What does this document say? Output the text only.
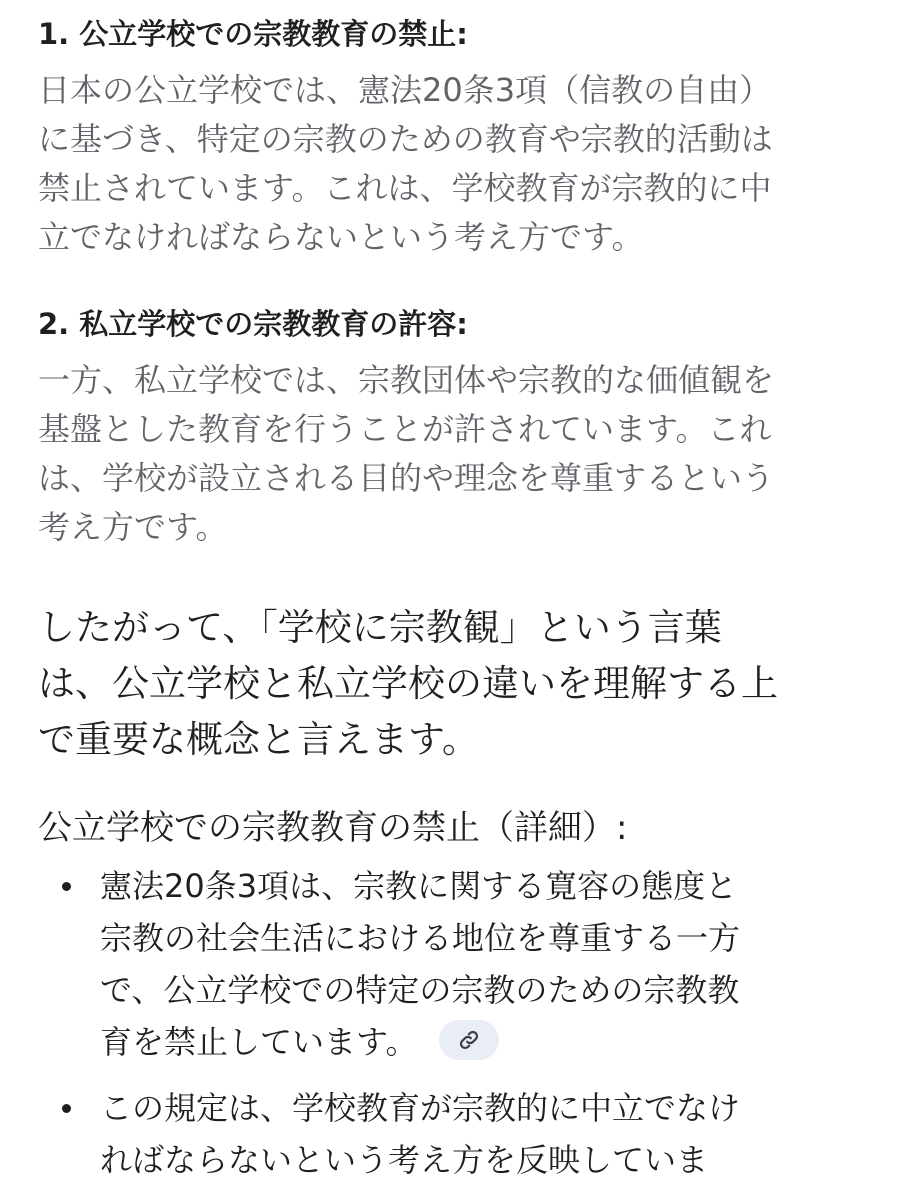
1. 公立学校での宗教教育の禁止:
日本の公立学校では、憲法20条3項（信教の自由）
に基づき、特定の宗教のための教育や宗教的活動は
禁止されています。これは、学校教育が宗教的に中
立でなければならないという考え方です。
2. 私立学校での宗教教育の許容:
一方、私立学校では、宗教団体や宗教的な価値観を
基盤とした教育を行うことが許されています。これ
は、学校が設立される目的や理念を尊重するという
考え方です。
したがって、「学校に宗教観」という言葉
は、公立学校と私立学校の違いを理解する上
で重要な概念と言えます。
公立学校での宗教教育の禁止（詳細）:
憲法20条3項は、宗教に関する寛容の態度と
宗教の社会生活における地位を尊重する一方
で、公立学校での特定の宗教のための宗教教
育を禁止しています。
この規定は、学校教育が宗教的に中立でなけ
ればならないという考え方を反映していま
